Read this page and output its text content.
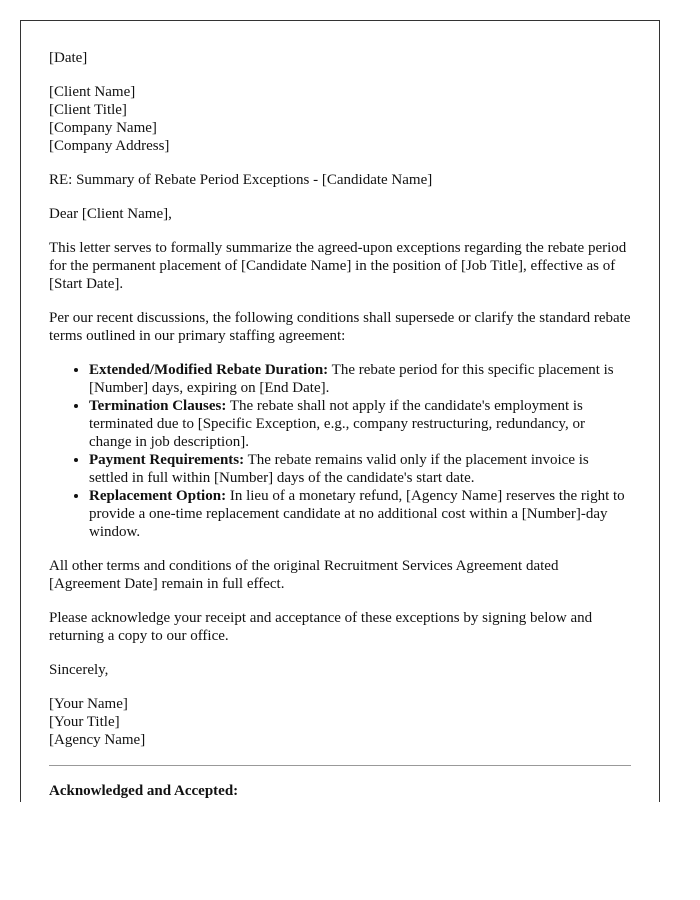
[Date]

[Client Name]
[Client Title]
[Company Name]
[Company Address]

RE: Summary of Rebate Period Exceptions - [Candidate Name]

Dear [Client Name],

This letter serves to formally summarize the agreed-upon exceptions regarding the rebate period for the permanent placement of [Candidate Name] in the position of [Job Title], effective as of [Start Date].

Per our recent discussions, the following conditions shall supersede or clarify the standard rebate terms outlined in our primary staffing agreement:

• Extended/Modified Rebate Duration: The rebate period for this specific placement is [Number] days, expiring on [End Date].
• Termination Clauses: The rebate shall not apply if the candidate's employment is terminated due to [Specific Exception, e.g., company restructuring, redundancy, or change in job description].
• Payment Requirements: The rebate remains valid only if the placement invoice is settled in full within [Number] days of the candidate's start date.
• Replacement Option: In lieu of a monetary refund, [Agency Name] reserves the right to provide a one-time replacement candidate at no additional cost within a [Number]-day window.

All other terms and conditions of the original Recruitment Services Agreement dated [Agreement Date] remain in full effect.

Please acknowledge your receipt and acceptance of these exceptions by signing below and returning a copy to our office.

Sincerely,

[Your Name]
[Your Title]
[Agency Name]

Acknowledged and Accepted:
